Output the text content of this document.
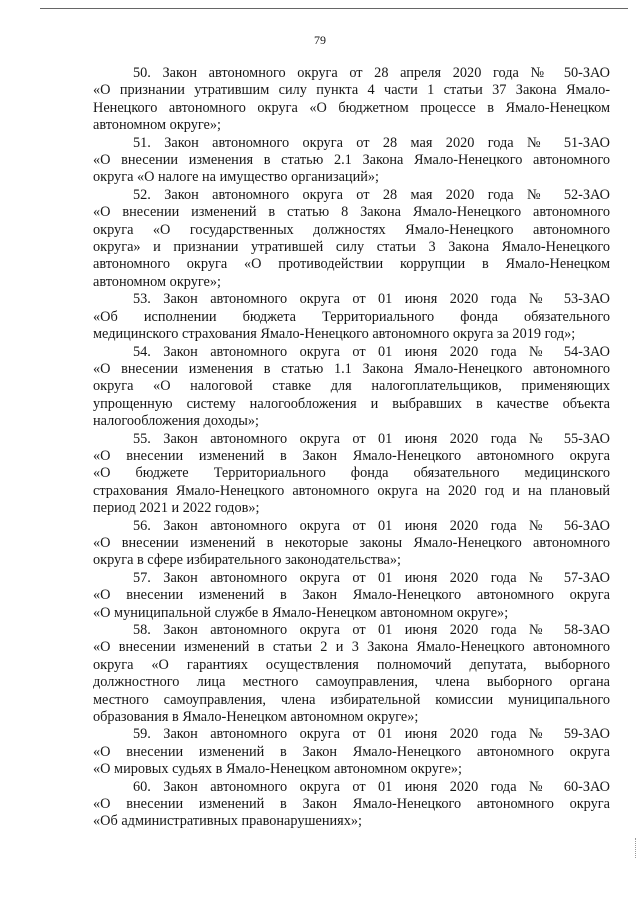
79
50. Закон автономного округа от 28 апреля 2020 года № 50-ЗАО
«О признании утратившим силу пункта 4 части 1 статьи 37 Закона Ямало-
Ненецкого автономного округа «О бюджетном процессе в Ямало-Ненецком
автономном округе»;
51. Закон автономного округа от 28 мая 2020 года № 51-ЗАО
«О внесении изменения в статью 2.1 Закона Ямало-Ненецкого автономного
округа «О налоге на имущество организаций»;
52. Закон автономного округа от 28 мая 2020 года № 52-ЗАО
«О внесении изменений в статью 8 Закона Ямало-Ненецкого автономного
округа «О государственных должностях Ямало-Ненецкого автономного
округа» и признании утратившей силу статьи 3 Закона Ямало-Ненецкого
автономного округа «О противодействии коррупции в Ямало-Ненецком
автономном округе»;
53. Закон автономного округа от 01 июня 2020 года № 53-ЗАО
«Об исполнении бюджета Территориального фонда обязательного
медицинского страхования Ямало-Ненецкого автономного округа за 2019 год»;
54. Закон автономного округа от 01 июня 2020 года № 54-ЗАО
«О внесении изменения в статью 1.1 Закона Ямало-Ненецкого автономного
округа «О налоговой ставке для налогоплательщиков, применяющих
упрощенную систему налогообложения и выбравших в качестве объекта
налогообложения доходы»;
55. Закон автономного округа от 01 июня 2020 года № 55-ЗАО
«О внесении изменений в Закон Ямало-Ненецкого автономного округа
«О бюджете Территориального фонда обязательного медицинского
страхования Ямало-Ненецкого автономного округа на 2020 год и на плановый
период 2021 и 2022 годов»;
56. Закон автономного округа от 01 июня 2020 года № 56-ЗАО
«О внесении изменений в некоторые законы Ямало-Ненецкого автономного
округа в сфере избирательного законодательства»;
57. Закон автономного округа от 01 июня 2020 года № 57-ЗАО
«О внесении изменений в Закон Ямало-Ненецкого автономного округа
«О муниципальной службе в Ямало-Ненецком автономном округе»;
58. Закон автономного округа от 01 июня 2020 года № 58-ЗАО
«О внесении изменений в статьи 2 и 3 Закона Ямало-Ненецкого автономного
округа «О гарантиях осуществления полномочий депутата, выборного
должностного лица местного самоуправления, члена выборного органа
местного самоуправления, члена избирательной комиссии муниципального
образования в Ямало-Ненецком автономном округе»;
59. Закон автономного округа от 01 июня 2020 года № 59-ЗАО
«О внесении изменений в Закон Ямало-Ненецкого автономного округа
«О мировых судьях в Ямало-Ненецком автономном округе»;
60. Закон автономного округа от 01 июня 2020 года № 60-ЗАО
«О внесении изменений в Закон Ямало-Ненецкого автономного округа
«Об административных правонарушениях»;
